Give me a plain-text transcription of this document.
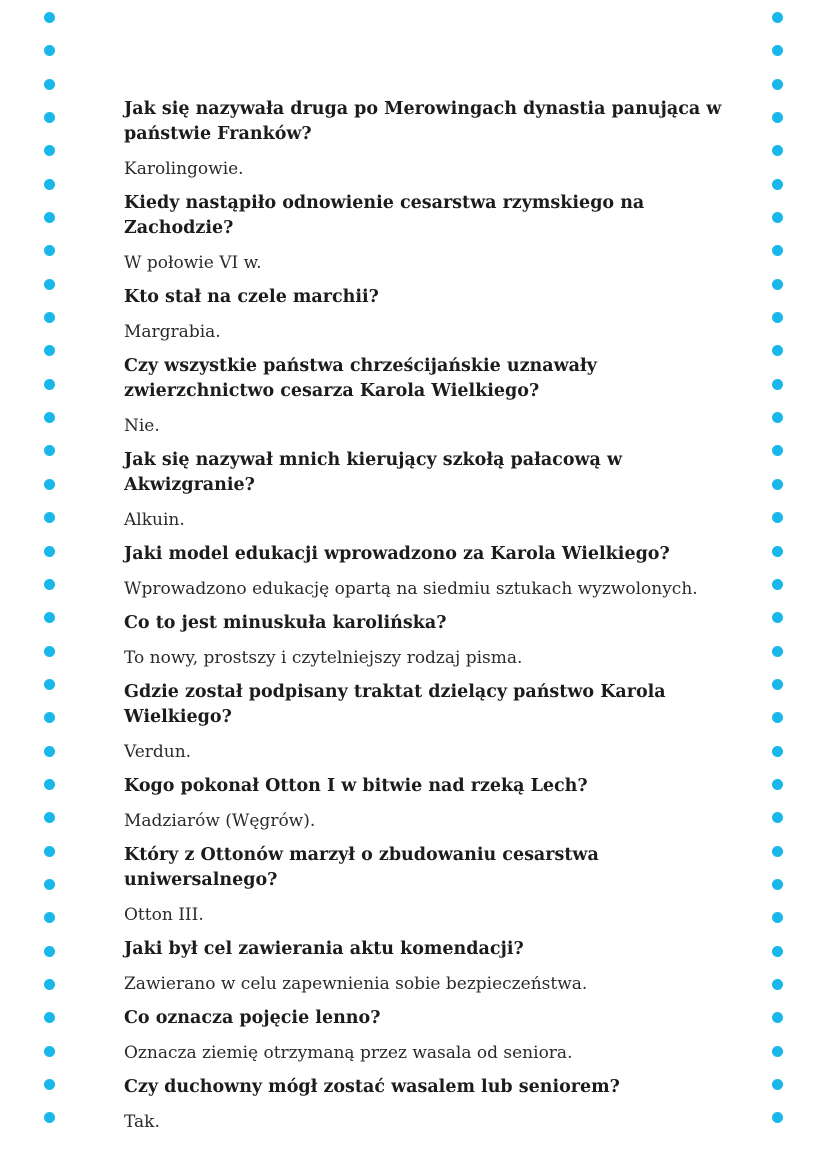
Jak się nazywała druga po Merowingach dynastia panująca w państwie Franków?

Karolingowie.

Kiedy nastąpiło odnowienie cesarstwa rzymskiego na Zachodzie?

W połowie VI w.

Kto stał na czele marchii?

Margrabia.

Czy wszystkie państwa chrześcijańskie uznawały zwierzchnictwo cesarza Karola Wielkiego?

Nie.

Jak się nazywał mnich kierujący szkołą pałacową w Akwizgranie?

Alkuin.

Jaki model edukacji wprowadzono za Karola Wielkiego?

Wprowadzono edukację opartą na siedmiu sztukach wyzwolonych.

Co to jest minuskuła karolińska?

To nowy, prostszy i czytelniejszy rodzaj pisma.

Gdzie został podpisany traktat dzielący państwo Karola Wielkiego?

Verdun.

Kogo pokonał Otton I w bitwie nad rzeką Lech?

Madziarów (Węgrów).

Który z Ottonów marzył o zbudowaniu cesarstwa uniwersalnego?

Otton III.

Jaki był cel zawierania aktu komendacji?

Zawierano w celu zapewnienia sobie bezpieczeństwa.

Co oznacza pojęcie lenno?

Oznacza ziemię otrzymaną przez wasala od seniora.

Czy duchowny mógł zostać wasalem lub seniorem?

Tak.
